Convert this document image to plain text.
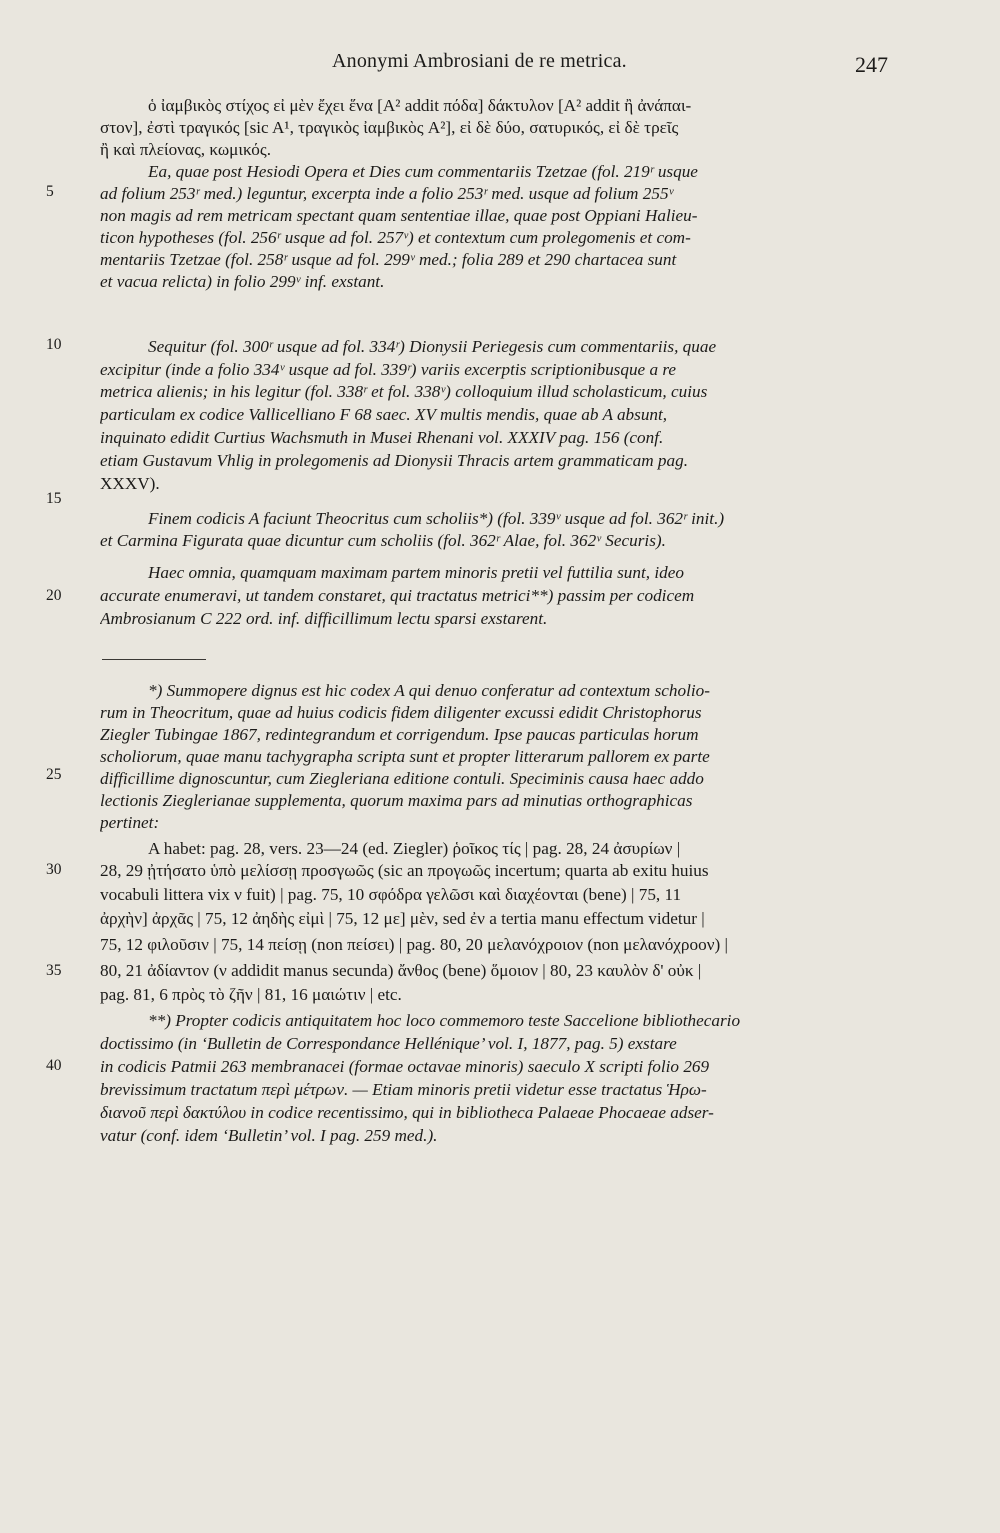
Anonymi Ambrosiani de re metrica.	247
5
10
15
20
25
30
35
40
ὁ ἰαμβικὸς στίχος εἰ μὲν ἔχει ἕνα [A² addit πόδα] δάκτυλον [A² addit ἢ ἀνάπαι-
στον], ἐστὶ τραγικός [sic A¹, τραγικὸς ἰαμβικὸς A²], εἰ δὲ δύο, σατυρικός, εἰ δὲ τρεῖς
ἢ καὶ πλείονας, κωμικός.
Ea, quae post Hesiodi Opera et Dies cum commentariis Tzetzae (fol. 219ʳ usque
ad folium 253ʳ med.) leguntur, excerpta inde a folio 253ʳ med. usque ad folium 255ᵛ
non magis ad rem metricam spectant quam sententiae illae, quae post Oppiani Halieu-
ticon hypotheses (fol. 256ʳ usque ad fol. 257ᵛ) et contextum cum prolegomenis et com-
mentariis Tzetzae (fol. 258ʳ usque ad fol. 299ᵛ med.; folia 289 et 290 chartacea sunt
et vacua relicta) in folio 299ᵛ inf. exstant.
Sequitur (fol. 300ʳ usque ad fol. 334ʳ) Dionysii Periegesis cum commentariis, quae
excipitur (inde a folio 334ᵛ usque ad fol. 339ʳ) variis excerptis scriptionibusque a re
metrica alienis; in his legitur (fol. 338ʳ et fol. 338ᵛ) colloquium illud scholasticum, cuius
particulam ex codice Vallicelliano F 68 saec. XV multis mendis, quae ab A absunt,
inquinato edidit Curtius Wachsmuth in Musei Rhenani vol. XXXIV pag. 156 (conf.
etiam Gustavum Vhlig in prolegomenis ad Dionysii Thracis artem grammaticam pag.
XXXV).
Finem codicis A faciunt Theocritus cum scholiis*) (fol. 339ᵛ usque ad fol. 362ʳ init.)
et Carmina Figurata quae dicuntur cum scholiis (fol. 362ʳ Alae, fol. 362ᵛ Securis).
Haec omnia, quamquam maximam partem minoris pretii vel futtilia sunt, ideo
accurate enumeravi, ut tandem constaret, qui tractatus metrici**) passim per codicem
Ambrosianum C 222 ord. inf. difficillimum lectu sparsi exstarent.
*) Summopere dignus est hic codex A qui denuo conferatur ad contextum scholio-
rum in Theocritum, quae ad huius codicis fidem diligenter excussi edidit Christophorus
Ziegler Tubingae 1867, redintegrandum et corrigendum. Ipse paucas particulas horum
scholiorum, quae manu tachygrapha scripta sunt et propter litterarum pallorem ex parte
difficillime dignoscuntur, cum Ziegleriana editione contuli. Speciminis causa haec addo
lectionis Zieglerianae supplementa, quorum maxima pars ad minutias orthographicas
pertinet:
A habet: pag. 28, vers. 23—24 (ed. Ziegler) ῥοῖκος τίς | pag. 28, 24 ἀσυρίων |
28, 29 ᾐτήσατο ὑπὸ μελίσσῃ προσγωῶς (sic an προγωῶς incertum; quarta ab exitu huius
vocabuli littera vix ν fuit) | pag. 75, 10 σφόδρα γελῶσι καὶ διαχέονται (bene) | 75, 11
ἀρχὴν] ἀρχᾶς | 75, 12 ἀηδὴς εἰμὶ | 75, 12 με] μὲν, sed ἐν a tertia manu effectum videtur |
75, 12 φιλοῦσιν | 75, 14 πείσῃ (non πείσει) | pag. 80, 20 μελανόχροιον (non μελανόχροον) |
80, 21 ἀδίαντον (ν addidit manus secunda) ἄνθος (bene) ὅμοιον | 80, 23 καυλὸν δ' οὐκ |
pag. 81, 6 πρὸς τὸ ζῆν | 81, 16 μαιώτιν | etc.
**) Propter codicis antiquitatem hoc loco commemoro teste Saccelione bibliothecario
doctissimo (in ‘Bulletin de Correspondance Hellénique’ vol. I, 1877, pag. 5) exstare
in codicis Patmii 263 membranacei (formae octavae minoris) saeculo X scripti folio 269
brevissimum tractatum περὶ μέτρων. — Etiam minoris pretii videtur esse tractatus Ἡρω-
διανοῦ περὶ δακτύλου in codice recentissimo, qui in bibliotheca Palaeae Phocaeae adser-
vatur (conf. idem ‘Bulletin’ vol. I pag. 259 med.).
